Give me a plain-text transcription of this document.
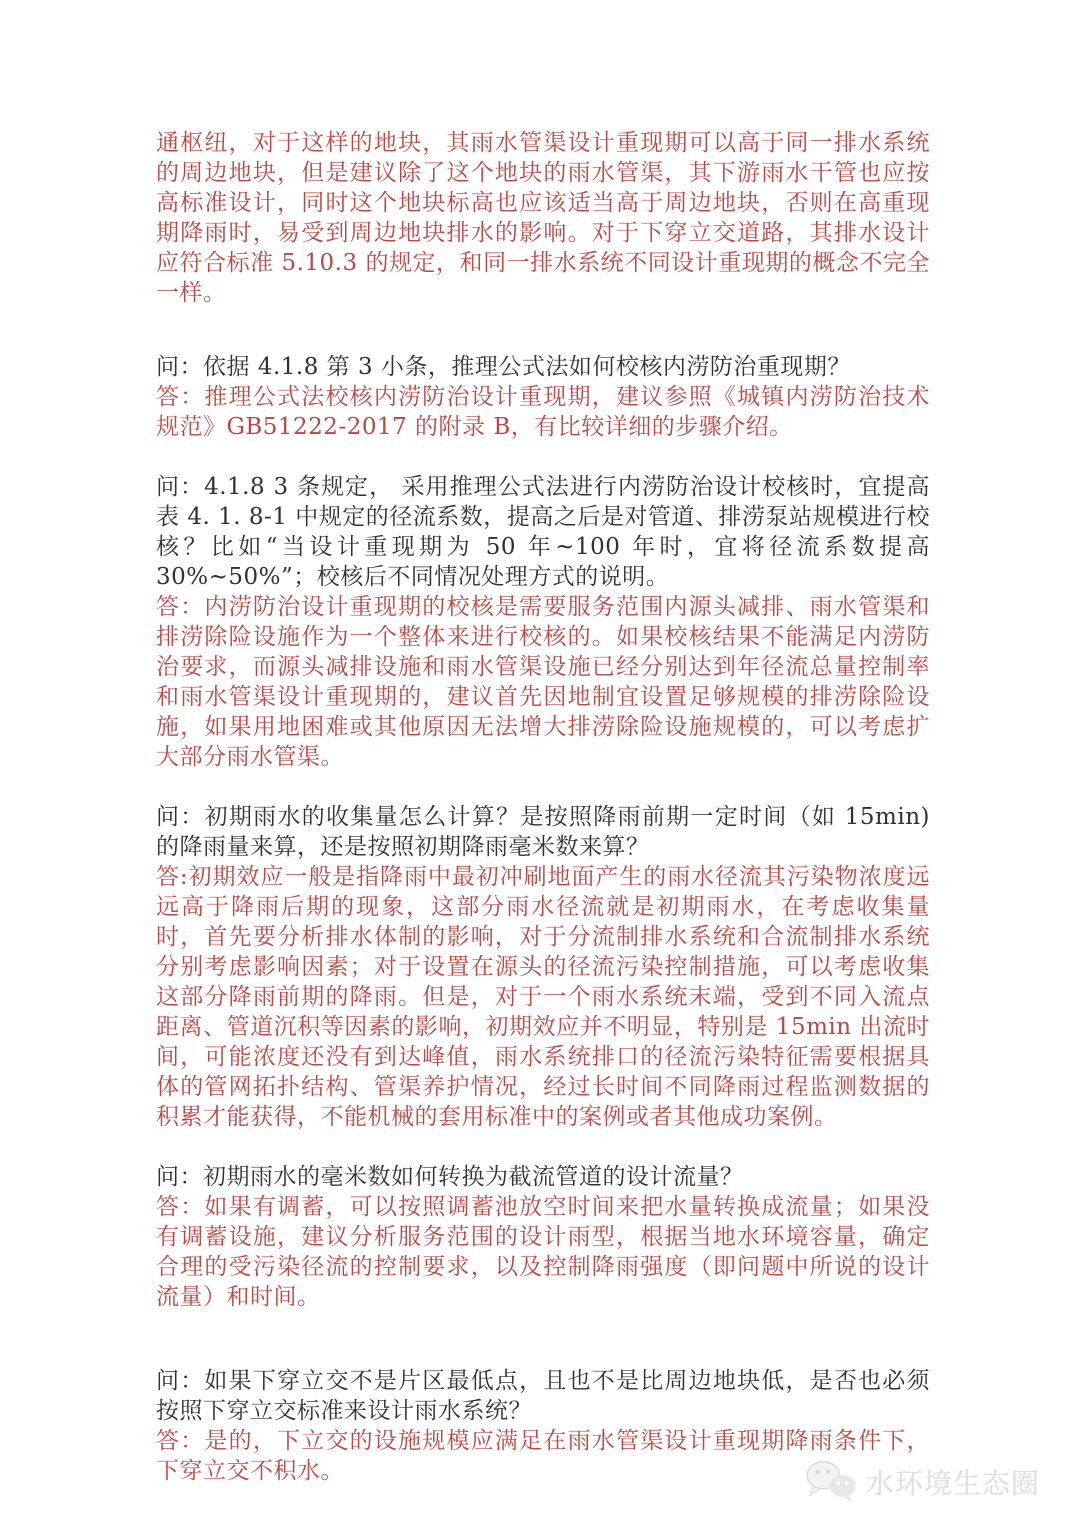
通枢纽，对于这样的地块，其雨水管渠设计重现期可以高于同一排水系统的周边地块，但是建议除了这个地块的雨水管渠，其下游雨水干管也应按高标准设计，同时这个地块标高也应该适当高于周边地块，否则在高重现期降雨时，易受到周边地块排水的影响。对于下穿立交道路，其排水设计应符合标准 5.10.3 的规定，和同一排水系统不同设计重现期的概念不完全一样。

问：依据 4.1.8 第 3 小条，推理公式法如何校核内涝防治重现期？

答：推理公式法校核内涝防治设计重现期，建议参照《城镇内涝防治技术规范》GB51222-2017 的附录 B，有比较详细的步骤介绍。

问：4.1.8 3 条规定， 采用推理公式法进行内涝防治设计校核时，宜提高表 4. 1. 8-1 中规定的径流系数，提高之后是对管道、排涝泵站规模进行校核？比如“当设计重现期为 50 年~100 年时，宜将径流系数提高 30%~50%”；校核后不同情况处理方式的说明。

答：内涝防治设计重现期的校核是需要服务范围内源头减排、雨水管渠和排涝除险设施作为一个整体来进行校核的。如果校核结果不能满足内涝防治要求，而源头减排设施和雨水管渠设施已经分别达到年径流总量控制率和雨水管渠设计重现期的，建议首先因地制宜设置足够规模的排涝除险设施，如果用地困难或其他原因无法增大排涝除险设施规模的，可以考虑扩大部分雨水管渠。

问：初期雨水的收集量怎么计算？是按照降雨前期一定时间（如 15min)的降雨量来算，还是按照初期降雨毫米数来算？

答:初期效应一般是指降雨中最初冲刷地面产生的雨水径流其污染物浓度远远高于降雨后期的现象，这部分雨水径流就是初期雨水，在考虑收集量时，首先要分析排水体制的影响，对于分流制排水系统和合流制排水系统分别考虑影响因素；对于设置在源头的径流污染控制措施，可以考虑收集这部分降雨前期的降雨。但是，对于一个雨水系统末端，受到不同入流点距离、管道沉积等因素的影响，初期效应并不明显，特别是 15min 出流时间，可能浓度还没有到达峰值，雨水系统排口的径流污染特征需要根据具体的管网拓扑结构、管渠养护情况，经过长时间不同降雨过程监测数据的积累才能获得，不能机械的套用标准中的案例或者其他成功案例。

问：初期雨水的毫米数如何转换为截流管道的设计流量？

答：如果有调蓄，可以按照调蓄池放空时间来把水量转换成流量；如果没有调蓄设施，建议分析服务范围的设计雨型，根据当地水环境容量，确定合理的受污染径流的控制要求，以及控制降雨强度（即问题中所说的设计流量）和时间。

问：如果下穿立交不是片区最低点，且也不是比周边地块低，是否也必须按照下穿立交标准来设计雨水系统？

答：是的，下立交的设施规模应满足在雨水管渠设计重现期降雨条件下，下穿立交不积水。	水环境生态圈
